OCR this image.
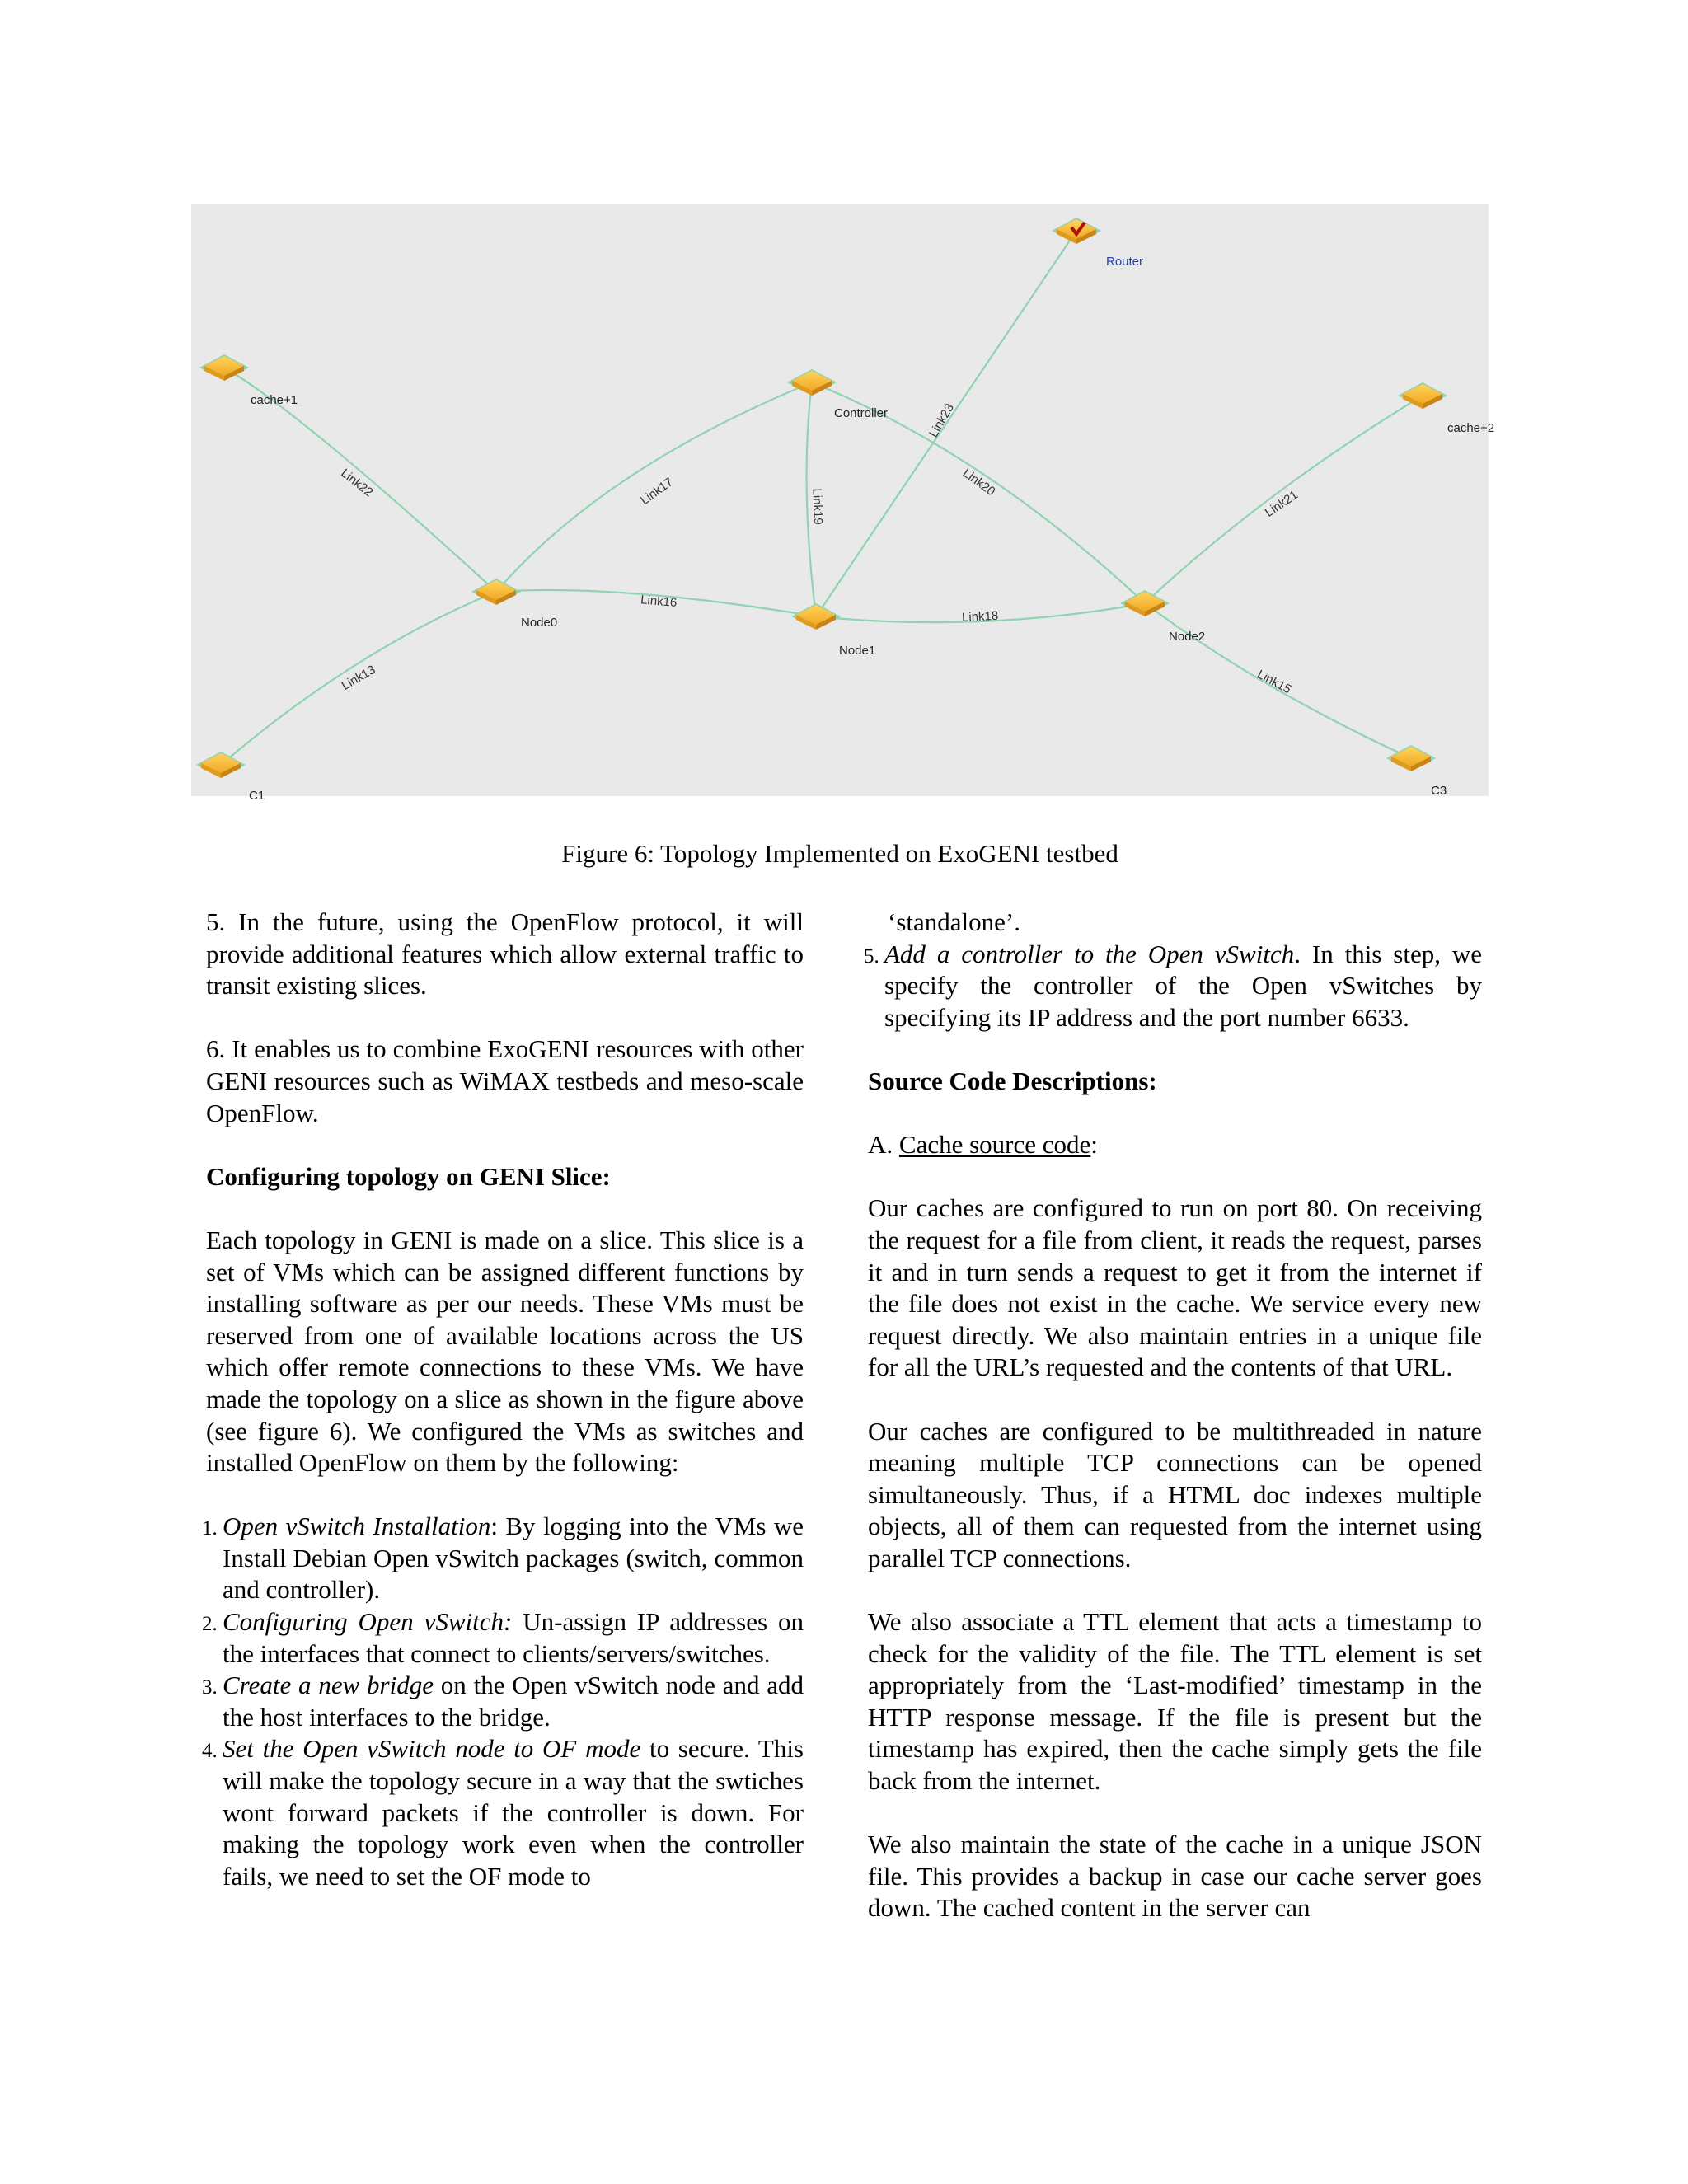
Link22	Link17	Link19
Link23
Link20
Link21
Link16
Link18
Link13	Link15
Router
cache+1
Controller
cache+2
Node0
Node1
Node2
C1	C3
Figure 6: Topology Implemented on ExoGENI testbed

5. In the future, using the OpenFlow protocol, it will provide additional features which allow external traffic to transit existing slices.

6. It enables us to combine ExoGENI resources with other GENI resources such as WiMAX testbeds and meso-scale OpenFlow.

Configuring topology on GENI Slice:

Each topology in GENI is made on a slice. This slice is a set of VMs which can be assigned different functions by installing software as per our needs. These VMs must be reserved from one of available locations across the US which offer remote connections to these VMs. We have made the topology on a slice as shown in the figure above (see figure 6). We configured the VMs as switches and installed OpenFlow on them by the following:

1. Open vSwitch Installation: By logging into the VMs we Install Debian Open vSwitch packages (switch, common and controller).
2. Configuring Open vSwitch: Un-assign IP addresses on the interfaces that connect to clients/servers/switches.
3. Create a new bridge on the Open vSwitch node and add the host interfaces to the bridge.
4. Set the Open vSwitch node to OF mode to secure. This will make the topology secure in a way that the swtiches wont forward packets if the controller is down. For making the topology work even when the controller fails, we need to set the OF mode to

‘standalone’.

5. Add a controller to the Open vSwitch. In this step, we specify the controller of the Open vSwitches by specifying its IP address and the port number 6633.
Source Code Descriptions:

A. Cache source code:

Our caches are configured to run on port 80. On receiving the request for a file from client, it reads the request, parses it and in turn sends a request to get it from the internet if the file does not exist in the cache. We service every new request directly. We also maintain entries in a unique file for all the URL’s requested and the contents of that URL.

Our caches are configured to be multithreaded in nature meaning multiple TCP connections can be opened simultaneously. Thus, if a HTML doc indexes multiple objects, all of them can requested from the internet using parallel TCP connections.

We also associate a TTL element that acts a timestamp to check for the validity of the file. The TTL element is set appropriately from the ‘Last-modified’ timestamp in the HTTP response message. If the file is present but the timestamp has expired, then the cache simply gets the file back from the internet.

We also maintain the state of the cache in a unique JSON file. This provides a backup in case our cache server goes down. The cached content in the server can
